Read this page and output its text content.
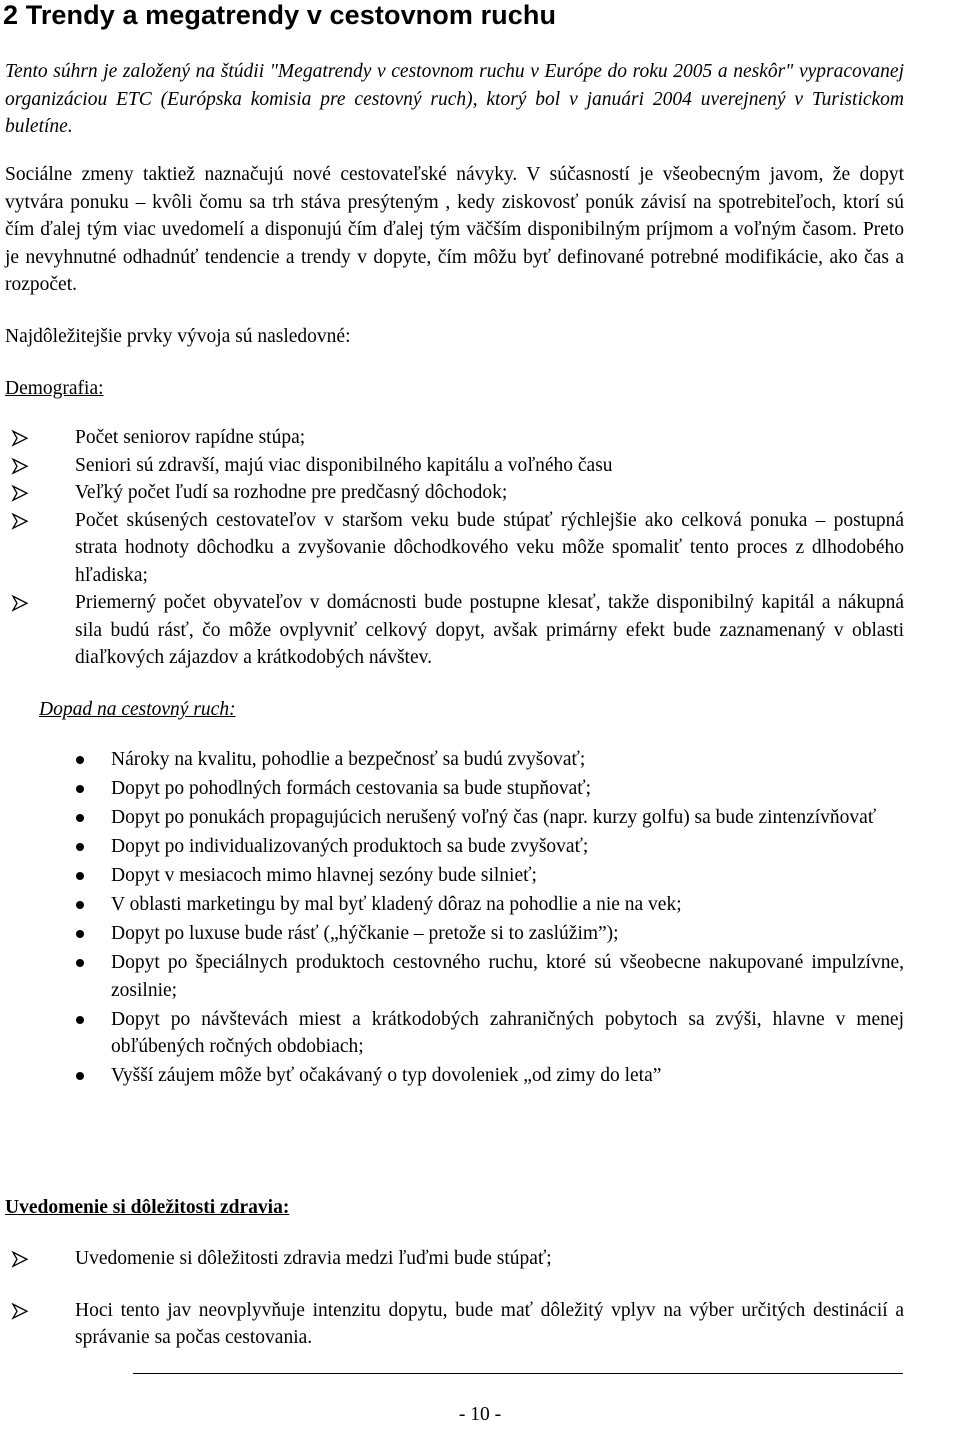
2 Trendy a megatrendy v cestovnom ruchu
Tento súhrn je založený na štúdii "Megatrendy v cestovnom ruchu v Európe do roku 2005 a neskôr" vypracovanej organizáciou ETC (Európska komisia pre cestovný ruch), ktorý bol v januári 2004 uverejnený v Turistickom buletíne.
Sociálne zmeny taktiež naznačujú nové cestovateľské návyky. V súčasností je všeobecným javom, že dopyt vytvára ponuku – kvôli čomu sa trh stáva presýteným , kedy ziskovosť ponúk závisí na spotrebiteľoch, ktorí sú čím ďalej tým viac uvedomelí a disponujú čím ďalej tým väčším disponibilným príjmom a voľným časom. Preto je nevyhnutné odhadnúť tendencie a trendy v dopyte, čím môžu byť definované potrebné modifikácie, ako čas a rozpočet.
Najdôležitejšie prvky vývoja sú nasledovné:
Demografia:
Počet seniorov rapídne stúpa;
Seniori sú zdravší, majú viac disponibilného kapitálu a voľného času
Veľký počet ľudí sa rozhodne pre predčasný dôchodok;
Počet skúsených cestovateľov v staršom veku bude stúpať rýchlejšie ako celková ponuka – postupná strata hodnoty dôchodku a zvyšovanie dôchodkového veku môže spomaliť tento proces z dlhodobého hľadiska;
Priemerný počet obyvateľov v domácnosti bude postupne klesať, takže disponibilný kapitál a nákupná sila budú rásť, čo môže ovplyvniť celkový dopyt, avšak primárny efekt bude zaznamenaný v oblasti diaľkových zájazdov a krátkodobých návštev.
Dopad na cestovný ruch:
Nároky na kvalitu, pohodlie a bezpečnosť sa budú zvyšovať;
Dopyt po pohodlných formách cestovania sa bude stupňovať;
Dopyt po ponukách propagujúcich nerušený voľný čas (napr. kurzy golfu) sa bude zintenzívňovať
Dopyt po individualizovaných produktoch sa bude zvyšovať;
Dopyt v mesiacoch mimo hlavnej sezóny bude silnieť;
V oblasti marketingu by mal byť kladený dôraz na pohodlie a nie na vek;
Dopyt po luxuse bude rásť („hýčkanie – pretože si to zaslúžim”);
Dopyt po špeciálnych produktoch cestovného ruchu, ktoré sú všeobecne nakupované impulzívne, zosilnie;
Dopyt po návštevách miest a krátkodobých zahraničných pobytoch sa zvýši, hlavne v menej obľúbených ročných obdobiach;
Vyšší záujem môže byť očakávaný o typ dovoleniek „od zimy do leta”
Uvedomenie si dôležitosti zdravia:
Uvedomenie si dôležitosti zdravia medzi ľuďmi bude stúpať;
Hoci tento jav neovplyvňuje intenzitu dopytu, bude mať dôležitý vplyv na výber určitých destinácií a správanie sa počas cestovania.
- 10 -
